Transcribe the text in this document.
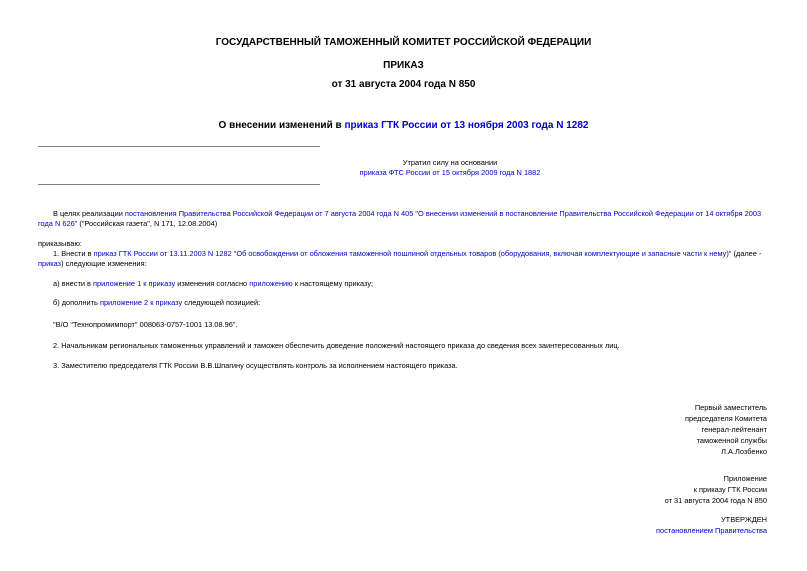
ГОСУДАРСТВЕННЫЙ ТАМОЖЕННЫЙ КОМИТЕТ РОССИЙСКОЙ ФЕДЕРАЦИИ
ПРИКАЗ
от 31 августа 2004 года N 850
О внесении изменений в приказ ГТК России от 13 ноября 2003 года N 1282
Утратил силу на основании
приказа ФТС России от 15 октября 2009 года N 1882
В целях реализации постановления Правительства Российской Федерации от 7 августа 2004 года N 405 "О внесении изменений в постановление Правительства Российской Федерации от 14 октября 2003 года N 626" ("Российская газета", N 171, 12.08.2004)
приказываю:
1. Внести в приказ ГТК России от 13.11.2003 N 1282 "Об освобождении от обложения таможенной пошлиной отдельных товаров (оборудования, включая комплектующие и запасные части к нему)" (далее - приказ) следующие изменения:
а) внести в приложение 1 к приказу изменения согласно приложению к настоящему приказу;
б) дополнить приложение 2 к приказу следующей позицией:
"В/О "Технопромимпорт" 008063-0757-1001 13.08.96".
2. Начальникам региональных таможенных управлений и таможен обеспечить доведение положений настоящего приказа до сведения всех заинтересованных лиц.
3. Заместителю председателя ГТК России В.В.Шпагину осуществлять контроль за исполнением настоящего приказа.
Первый заместитель
председателя Комитета
генерал-лейтенант
таможенной службы
Л.А.Лозбенко
Приложение
к приказу ГТК России
от 31 августа 2004 года N 850
УТВЕРЖДЕН
постановлением Правительства
